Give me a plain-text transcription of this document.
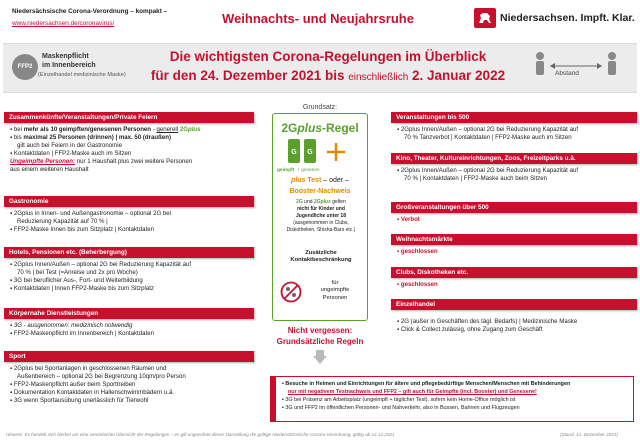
Niedersächsische Corona-Verordnung – kompakt –
www.niedersachsen.de/coronavirus/	Weihnachts- und Neujahrsruhe	Niedersachsen. Impft. Klar.
FFP2
Maskenpflicht
im Innenbereich
(Einzelhandel medizinische Maske)
Die wichtigsten Corona-Regelungen im Überblick
für den 24. Dezember 2021 bis einschließlich 2. Januar 2022	Abstand
Zusammenkünfte/Veranstaltungen/Private Feiern
▪ bei mehr als 10 geimpften/genesenen Personen - generell 2Gplus
▪ bis maximal 25 Personen (drinnen) | max. 50 (draußen)
gilt auch bei Feiern in der Gastronomie
▪ Kontaktdaten | FFP2-Maske auch im Sitzen
Ungeimpfte Personen: nur 1 Haushalt plus zwei weitere Personen
aus einem weiteren Haushalt
Gastronomie
▪ 2Gplus in Innen- und Außengastronomie – optional 2G bei
Reduzierung Kapazität auf 70 % |
▪ FFP2-Maske Innen bis zum Sitzplatz | Kontaktdaten
Hotels, Pensionen etc. (Beherbergung)
▪ 2Gplus Innen/Außen – optional 2G bei Reduzierung Kapazität auf
70 % | bei Test (=Anreise und 2x pro Woche)
▪ 3G bei beruflicher Aus-, Fort- und Weiterbildung
▪ Kontaktdaten | Innen FFP2-Maske bis zum Sitzplatz
Körpernahe Dienstleistungen
▪ 3G - ausgenommen: medizinisch notwendig
▪ FFP2-Maskenpflicht im Innenbereich | Kontaktdaten
Sport
▪ 2Gplus bei Sportanlagen in geschlossenen Räumen und
Außenbereich – optional 2G bei Begrenzung 10qm/pro Person
▪ FFP2-Maskenpflicht außer beim Sporttreiben
▪ Dokumentation Kontaktdaten in Hallenschwimmbädern u.ä.
▪ 3G wenn Sportausübung unerlässlich für Tierwohl
Grundsatz:
2Gplus-Regel
G G
geimpft + genesen
plus Test – oder –
Booster-Nachweis
2G und 2Gplus gelten
nicht für Kinder und
Jugendliche unter 18
(ausgenommen in Clubs,
Diskotheken, Shisha-Bars etc.)
Zusätzliche
Kontaktbeschränkung
für
ungeimpfte
Personen
Nicht vergessen:
Grundsätzliche Regeln
Veranstaltungen bis 500
▪ 2Gplus Innen/Außen – optional 2G bei Reduzierung Kapazität auf
70 % Tanzverbot | Kontaktdaten | FFP2-Maske auch im Sitzen
Kino, Theater, Kultureinrichtungen, Zoos, Freizeitparks u.ä.
▪ 2Gplus Innen/Außen – optional 2G bei Reduzierung Kapazität auf
70 % | Kontaktdaten | FFP2-Maske auch beim Sitzen
Großveranstaltungen über 500
▪ Verbot
Weihnachtsmärkte
▪ geschlossen
Clubs, Diskotheken etc.
▪ geschlossen
Einzelhandel
▪ 2G (außer in Geschäften des tägl. Bedarfs) | Medizinische Maske
▪ Click & Collect zulässig, ohne Zugang zum Geschäft
▪ Besuche in Heimen und Einrichtungen für ältere und pflegebedürftige Menschen/Menschen mit Behinderungen
nur mit negativem Testnachweis und FFP2 – gilt auch für Geimpfte (incl. Booster) und Genesene!
▪ 3G bei Präsenz am Arbeitsplatz (ungeimpft + täglicher Test), sofern kein Home-Office möglich ist
▪ 3G und FFP2 im öffentlichen Personen- und Nahverkehr, also in Bussen, Bahnen und Flugzeugen
Hinweis: Es handelt sich hierbei um eine vereinfachte Übersicht der Regelungen – es gilt ungeachtet dieser Darstellung die gültige Niedersächsische Corona-Verordnung, gültig ab 12.12.2021	(Stand: 12. Dezember 2021)
